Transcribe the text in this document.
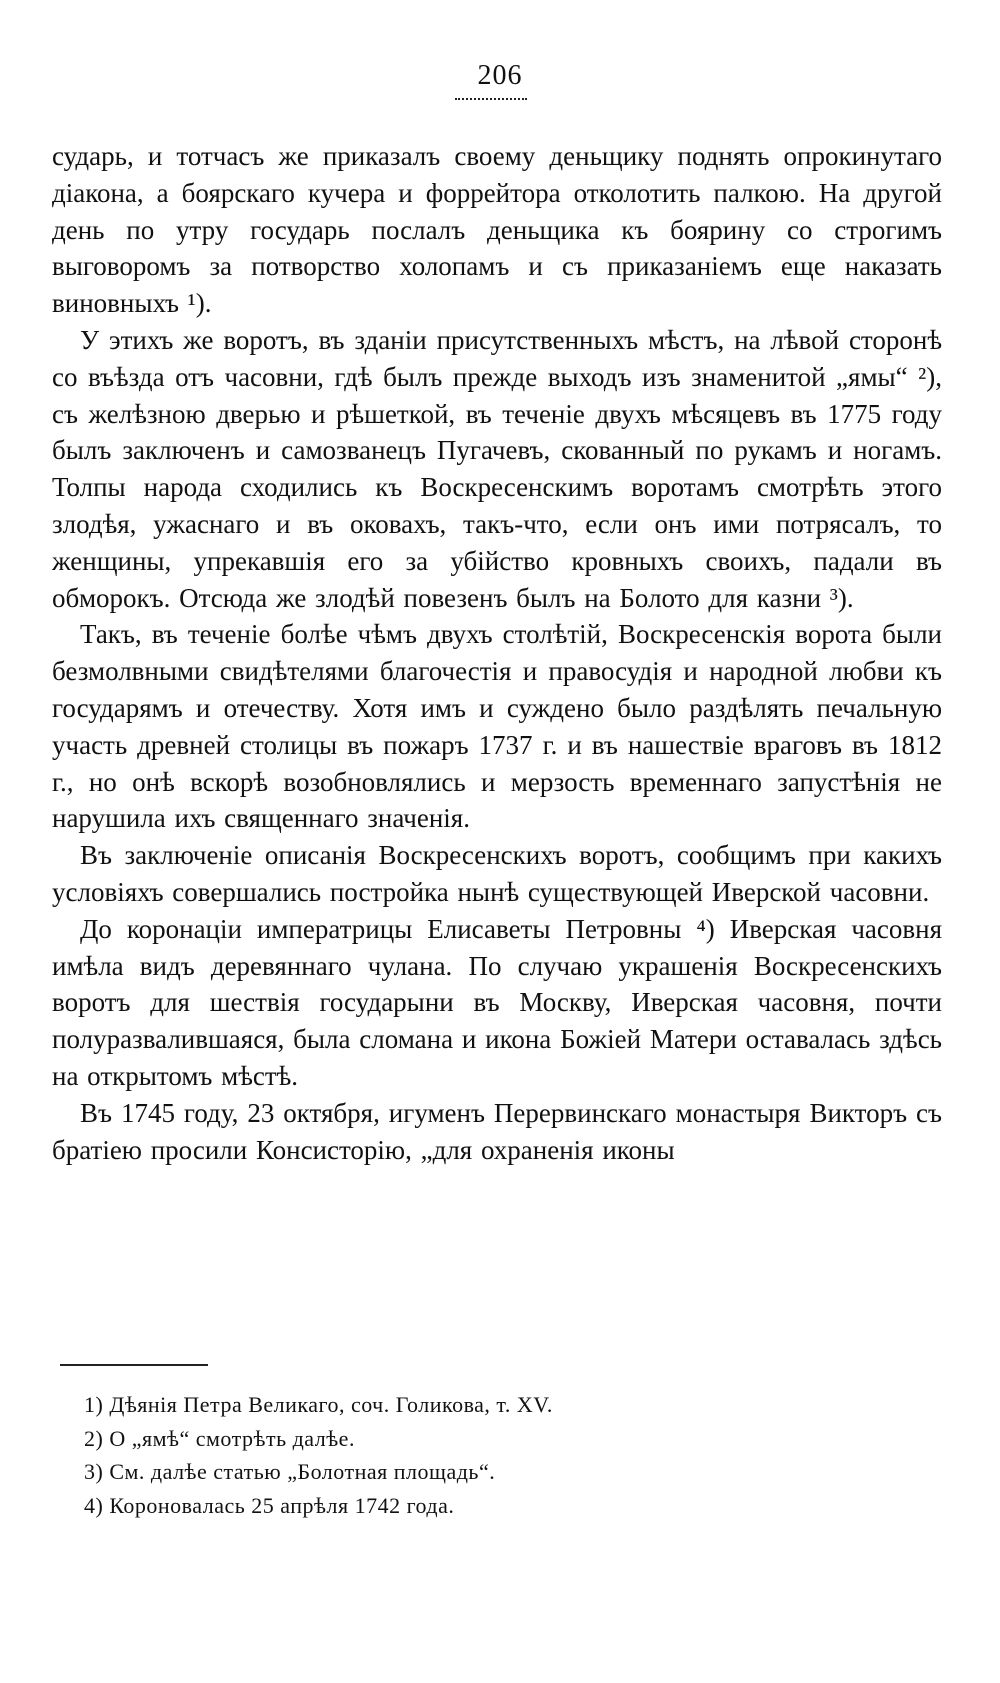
206

сударь, и тотчасъ же приказалъ своему деньщику поднять опрокинутаго діакона, а боярскаго кучера и форрейтора отколотить палкою. На другой день по утру государь послалъ деньщика къ боярину со строгимъ выговоромъ за потворство холопамъ и съ приказаніемъ еще наказать виновныхъ ¹).

У этихъ же воротъ, въ зданіи присутственныхъ мѣстъ, на лѣвой сторонѣ со въѣзда отъ часовни, гдѣ былъ прежде выходъ изъ знаменитой „ямы“ ²), съ желѣзною дверью и рѣшеткой, въ теченіе двухъ мѣсяцевъ въ 1775 году былъ заключенъ и самозванецъ Пугачевъ, скованный по рукамъ и ногамъ. Толпы народа сходились къ Воскресенскимъ воротамъ смотрѣть этого злодѣя, ужаснаго и въ оковахъ, такъ-что, если онъ ими потрясалъ, то женщины, упрекавшія его за убійство кровныхъ своихъ, падали въ обморокъ. Отсюда же злодѣй повезенъ былъ на Болото для казни ³).

Такъ, въ теченіе болѣе чѣмъ двухъ столѣтій, Воскресенскія ворота были безмолвными свидѣтелями благочестія и правосудія и народной любви къ государямъ и отечеству. Хотя имъ и суждено было раздѣлять печальную участь древней столицы въ пожаръ 1737 г. и въ нашествіе враговъ въ 1812 г., но онѣ вскорѣ возобновлялись и мерзость временнаго запустѣнія не нарушила ихъ священнаго значенія.

Въ заключеніе описанія Воскресенскихъ воротъ, сообщимъ при какихъ условіяхъ совершались постройка нынѣ существующей Иверской часовни.

До коронаціи императрицы Елисаветы Петровны ⁴) Иверская часовня имѣла видъ деревяннаго чулана. По случаю украшенія Воскресенскихъ воротъ для шествія государыни въ Москву, Иверская часовня, почти полуразвалившаяся, была сломана и икона Божіей Матери оставалась здѣсь на открытомъ мѣстѣ.

Въ 1745 году, 23 октября, игуменъ Перервинскаго монастыря Викторъ съ братіею просили Консисторію, „для охраненія иконы

1) Дѣянія Петра Великаго, соч. Голикова, т. XV.

2) О „ямѣ“ смотрѣть далѣе.

3) См. далѣе статью „Болотная площадь“.

4) Короновалась 25 апрѣля 1742 года.
